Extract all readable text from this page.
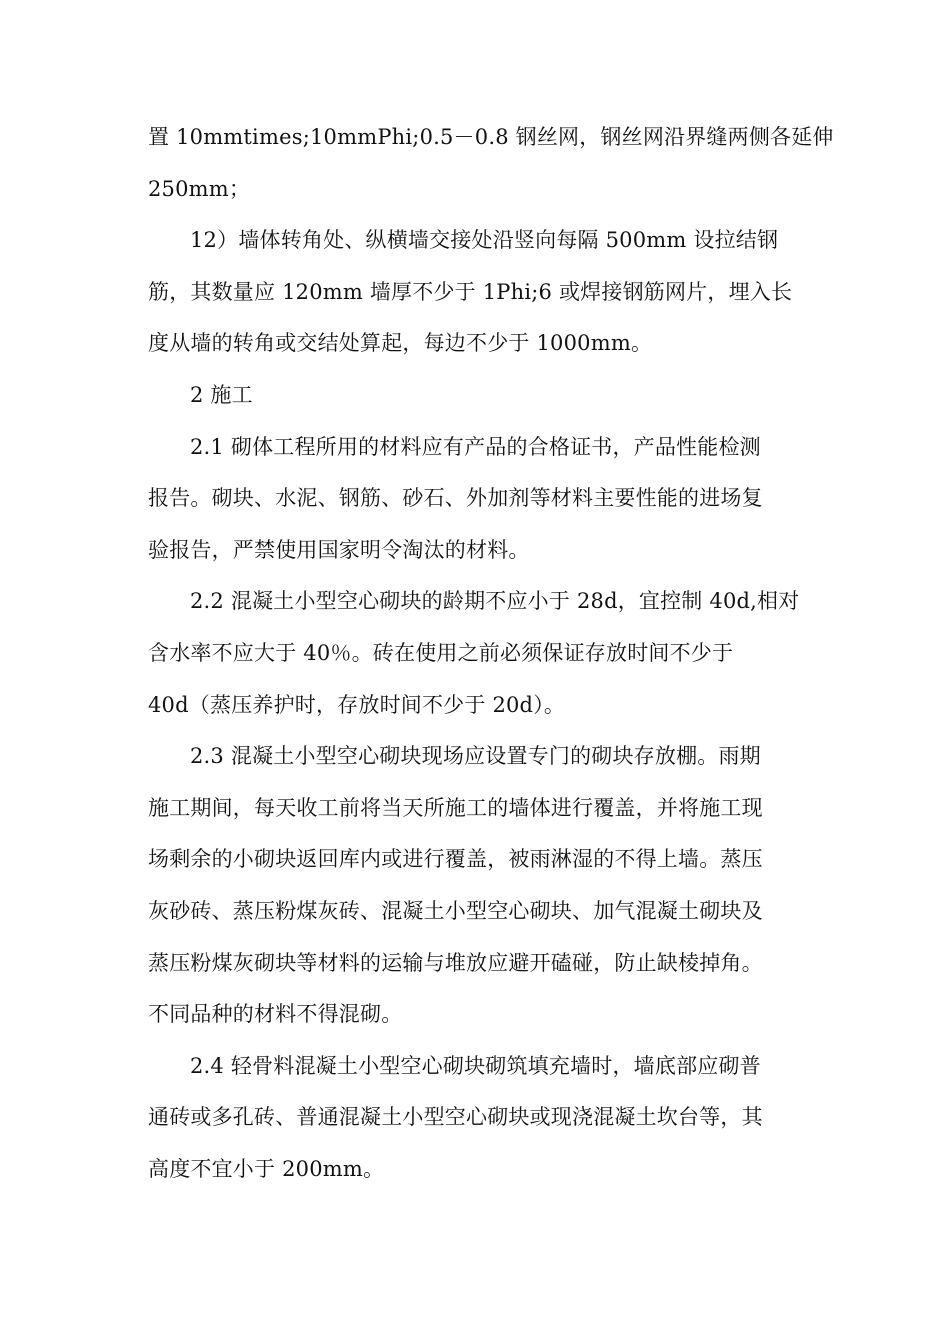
置 10mmtimes;10mmPhi;0.5－0.8 钢丝网，钢丝网沿界缝两侧各延伸
250mm；
12）墙体转角处、纵横墙交接处沿竖向每隔 500mm 设拉结钢
筋，其数量应 120mm 墙厚不少于 1Phi;6 或焊接钢筋网片，埋入长
度从墙的转角或交结处算起，每边不少于 1000mm。
2 施工
2.1 砌体工程所用的材料应有产品的合格证书，产品性能检测
报告。砌块、水泥、钢筋、砂石、外加剂等材料主要性能的进场复
验报告，严禁使用国家明令淘汰的材料。
2.2 混凝土小型空心砌块的龄期不应小于 28d，宜控制 40d,相对
含水率不应大于 40％。砖在使用之前必须保证存放时间不少于
40d（蒸压养护时，存放时间不少于 20d）。
2.3 混凝土小型空心砌块现场应设置专门的砌块存放棚。雨期
施工期间，每天收工前将当天所施工的墙体进行覆盖，并将施工现
场剩余的小砌块返回库内或进行覆盖，被雨淋湿的不得上墙。蒸压
灰砂砖、蒸压粉煤灰砖、混凝土小型空心砌块、加气混凝土砌块及
蒸压粉煤灰砌块等材料的运输与堆放应避开磕碰，防止缺棱掉角。
不同品种的材料不得混砌。
2.4 轻骨料混凝土小型空心砌块砌筑填充墙时，墙底部应砌普
通砖或多孔砖、普通混凝土小型空心砌块或现浇混凝土坎台等，其
高度不宜小于 200mm。
